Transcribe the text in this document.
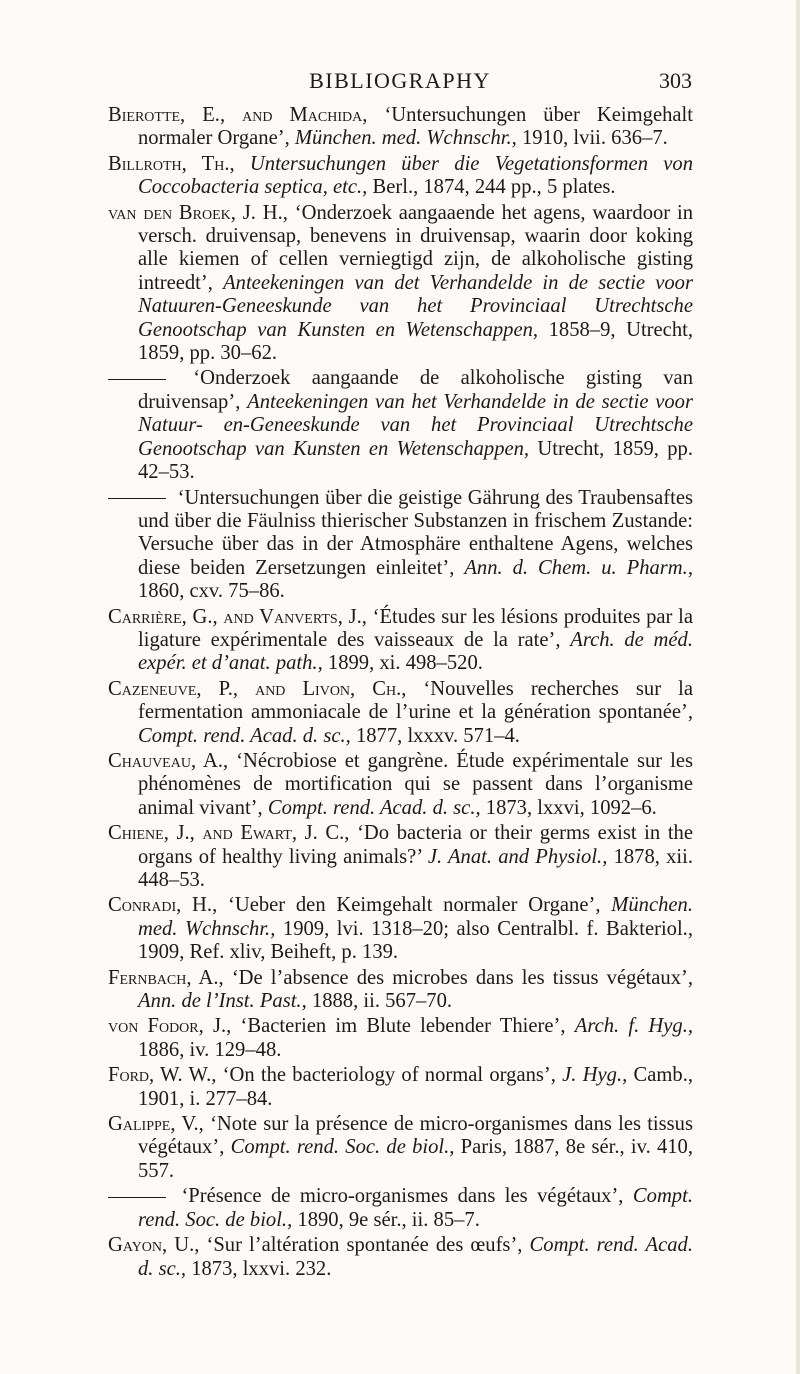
BIBLIOGRAPHY	303

Bierotte, E., and Machida, ‘Untersuchungen über Keimgehalt normaler Organe’, München. med. Wchnschr., 1910, lvii. 636–7.

Billroth, Th., Untersuchungen über die Vegetationsformen von Coccobacteria septica, etc., Berl., 1874, 244 pp., 5 plates.

van den Broek, J. H., ‘Onderzoek aangaaende het agens, waardoor in versch. druivensap, benevens in druivensap, waarin door koking alle kiemen of cellen verniegtigd zijn, de alkoholische gisting intreedt’, Anteekeningen van det Verhandelde in de sectie voor Natuuren-Geneeskunde van het Provinciaal Utrechtsche Genootschap van Kunsten en Wetenschappen, 1858–9, Utrecht, 1859, pp. 30–62.

‘Onderzoek aangaande de alkoholische gisting van druivensap’, Anteekeningen van het Verhandelde in de sectie voor Natuur- en-Geneeskunde van het Provinciaal Utrechtsche Genootschap van Kunsten en Wetenschappen, Utrecht, 1859, pp. 42–53.

‘Untersuchungen über die geistige Gährung des Traubensaftes und über die Fäulniss thierischer Substanzen in frischem Zustande: Versuche über das in der Atmosphäre enthaltene Agens, welches diese beiden Zersetzungen einleitet’, Ann. d. Chem. u. Pharm., 1860, cxv. 75–86.

Carrière, G., and Vanverts, J., ‘Études sur les lésions produites par la ligature expérimentale des vaisseaux de la rate’, Arch. de méd. expér. et d’anat. path., 1899, xi. 498–520.

Cazeneuve, P., and Livon, Ch., ‘Nouvelles recherches sur la fermentation ammoniacale de l’urine et la génération spontanée’, Compt. rend. Acad. d. sc., 1877, lxxxv. 571–4.

Chauveau, A., ‘Nécrobiose et gangrène. Étude expérimentale sur les phénomènes de mortification qui se passent dans l’organisme animal vivant’, Compt. rend. Acad. d. sc., 1873, lxxvi, 1092–6.

Chiene, J., and Ewart, J. C., ‘Do bacteria or their germs exist in the organs of healthy living animals?’ J. Anat. and Physiol., 1878, xii. 448–53.

Conradi, H., ‘Ueber den Keimgehalt normaler Organe’, München. med. Wchnschr., 1909, lvi. 1318–20; also Centralbl. f. Bakteriol., 1909, Ref. xliv, Beiheft, p. 139.

Fernbach, A., ‘De l’absence des microbes dans les tissus végétaux’, Ann. de l’Inst. Past., 1888, ii. 567–70.

von Fodor, J., ‘Bacterien im Blute lebender Thiere’, Arch. f. Hyg., 1886, iv. 129–48.

Ford, W. W., ‘On the bacteriology of normal organs’, J. Hyg., Camb., 1901, i. 277–84.

Galippe, V., ‘Note sur la présence de micro-organismes dans les tissus végétaux’, Compt. rend. Soc. de biol., Paris, 1887, 8e sér., iv. 410, 557.

‘Présence de micro-organismes dans les végétaux’, Compt. rend. Soc. de biol., 1890, 9e sér., ii. 85–7.

Gayon, U., ‘Sur l’altération spontanée des œufs’, Compt. rend. Acad. d. sc., 1873, lxxvi. 232.
